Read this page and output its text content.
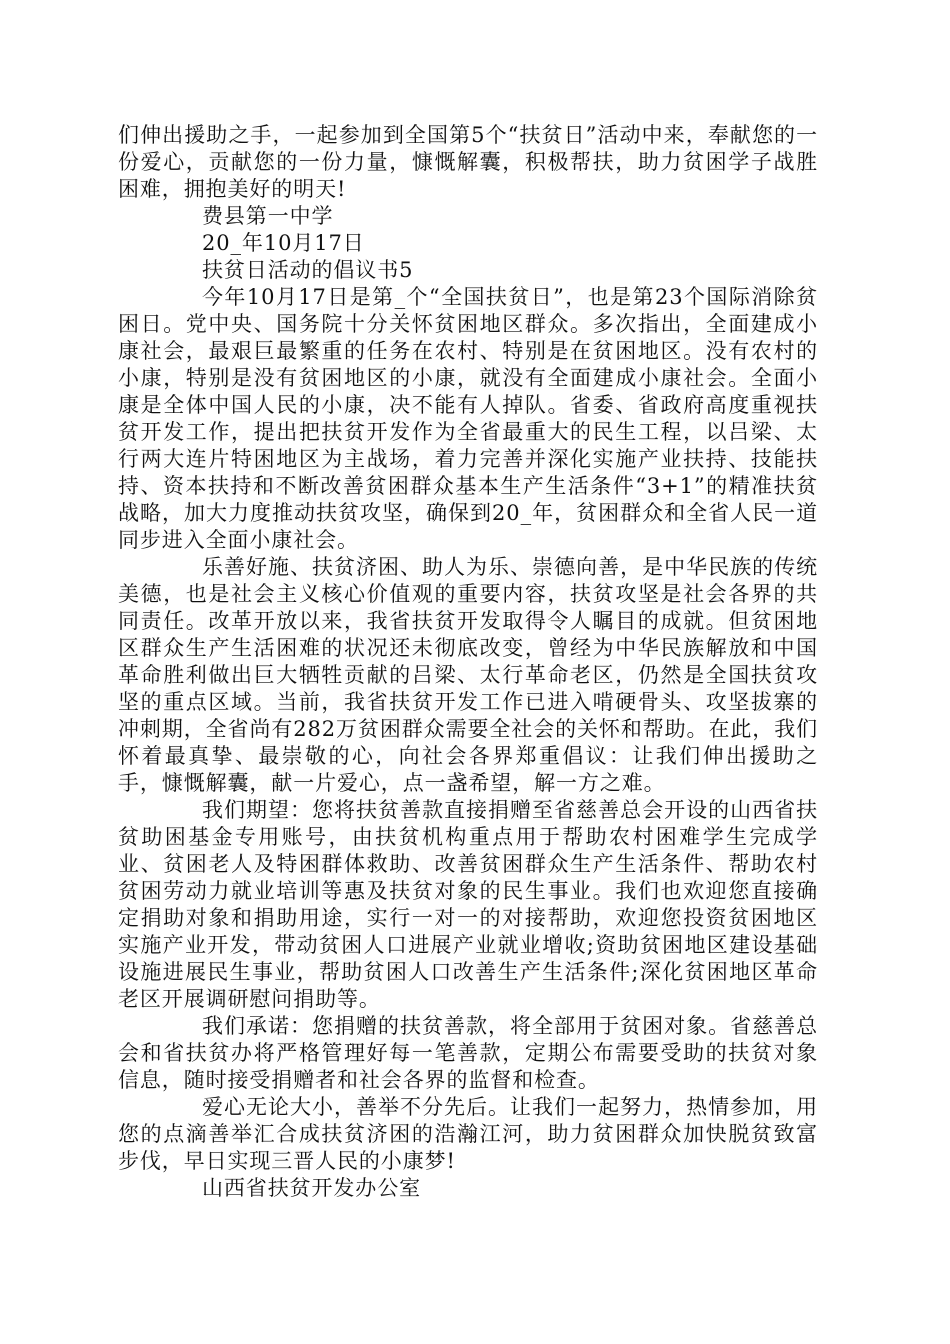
们伸出援助之手，一起参加到全国第5个“扶贫日”活动中来，奉献您的一份爱心，贡献您的一份力量，慷慨解囊，积极帮扶，助力贫困学子战胜困难，拥抱美好的明天!

费县第一中学

20_年10月17日

扶贫日活动的倡议书5

今年10月17日是第_个“全国扶贫日”，也是第23个国际消除贫困日。党中央、国务院十分关怀贫困地区群众。多次指出，全面建成小康社会，最艰巨最繁重的任务在农村、特别是在贫困地区。没有农村的小康，特别是没有贫困地区的小康，就没有全面建成小康社会。全面小康是全体中国人民的小康，决不能有人掉队。省委、省政府高度重视扶贫开发工作，提出把扶贫开发作为全省最重大的民生工程，以吕梁、太行两大连片特困地区为主战场，着力完善并深化实施产业扶持、技能扶持、资本扶持和不断改善贫困群众基本生产生活条件“3+1”的精准扶贫战略，加大力度推动扶贫攻坚，确保到20_年，贫困群众和全省人民一道同步进入全面小康社会。

乐善好施、扶贫济困、助人为乐、崇德向善，是中华民族的传统美德，也是社会主义核心价值观的重要内容，扶贫攻坚是社会各界的共同责任。改革开放以来，我省扶贫开发取得令人瞩目的成就。但贫困地区群众生产生活困难的状况还未彻底改变，曾经为中华民族解放和中国革命胜利做出巨大牺牲贡献的吕梁、太行革命老区，仍然是全国扶贫攻坚的重点区域。当前，我省扶贫开发工作已进入啃硬骨头、攻坚拔寨的冲刺期，全省尚有282万贫困群众需要全社会的关怀和帮助。在此，我们怀着最真挚、最崇敬的心，向社会各界郑重倡议：让我们伸出援助之手，慷慨解囊，献一片爱心，点一盏希望，解一方之难。

我们期望：您将扶贫善款直接捐赠至省慈善总会开设的山西省扶贫助困基金专用账号，由扶贫机构重点用于帮助农村困难学生完成学业、贫困老人及特困群体救助、改善贫困群众生产生活条件、帮助农村贫困劳动力就业培训等惠及扶贫对象的民生事业。我们也欢迎您直接确定捐助对象和捐助用途，实行一对一的对接帮助，欢迎您投资贫困地区实施产业开发，带动贫困人口进展产业就业增收;资助贫困地区建设基础设施进展民生事业，帮助贫困人口改善生产生活条件;深化贫困地区革命老区开展调研慰问捐助等。

我们承诺：您捐赠的扶贫善款，将全部用于贫困对象。省慈善总会和省扶贫办将严格管理好每一笔善款，定期公布需要受助的扶贫对象信息，随时接受捐赠者和社会各界的监督和检查。

爱心无论大小，善举不分先后。让我们一起努力，热情参加，用您的点滴善举汇合成扶贫济困的浩瀚江河，助力贫困群众加快脱贫致富步伐，早日实现三晋人民的小康梦!

山西省扶贫开发办公室
